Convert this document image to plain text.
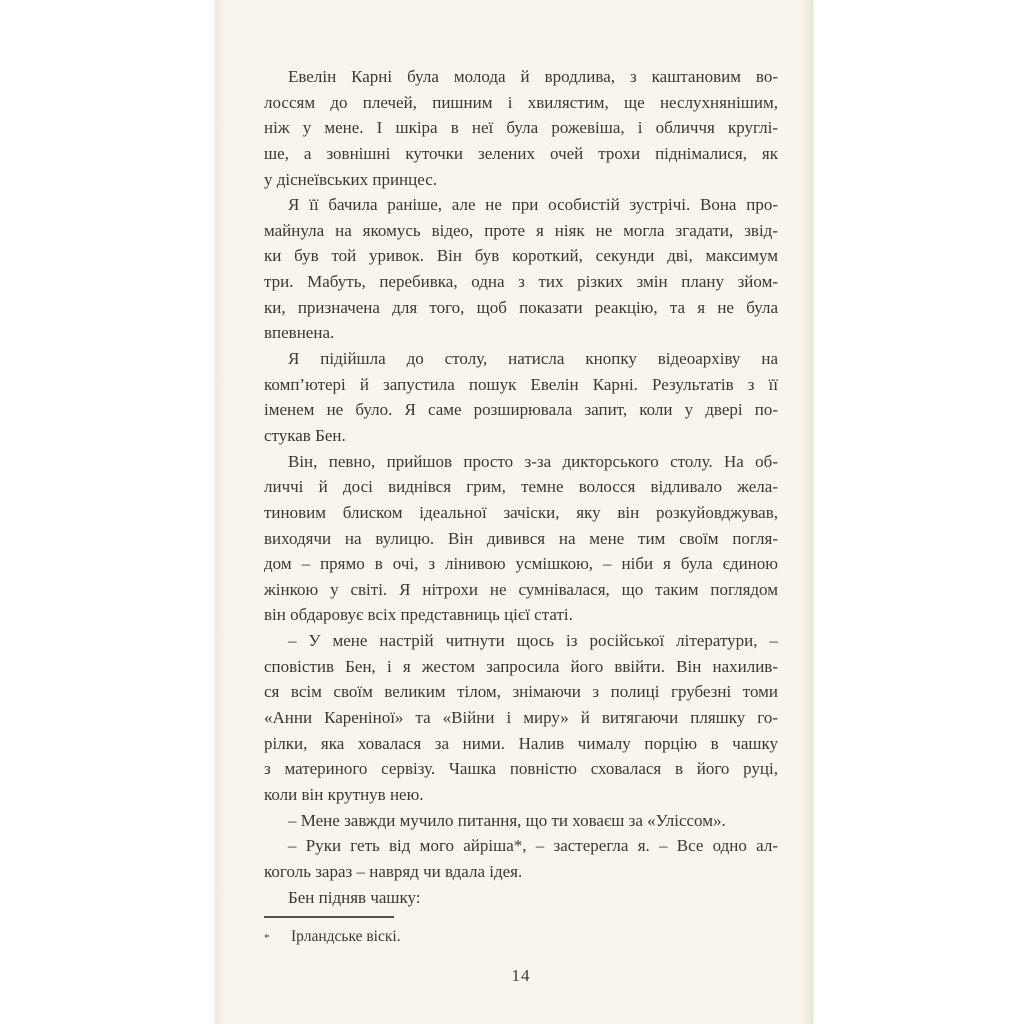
Евелін Карні була молода й вродлива, з каштановим во-
лоссям до плечей, пишним і хвилястим, ще неслухнянішим,
ніж у мене. І шкіра в неї була рожевіша, і обличчя круглі-
ше, а зовнішні куточки зелених очей трохи піднімалися, як
у діснеївських принцес.
Я її бачила раніше, але не при особистій зустрічі. Вона про-
майнула на якомусь відео, проте я ніяк не могла згадати, звід-
ки був той уривок. Він був короткий, секунди дві, максимум
три. Мабуть, перебивка, одна з тих різких змін плану зйом-
ки, призначена для того, щоб показати реакцію, та я не була
впевнена.
Я підійшла до столу, натисла кнопку відеоархіву на
комп’ютері й запустила пошук Евелін Карні. Результатів з її
іменем не було. Я саме розширювала запит, коли у двері по-
стукав Бен.
Він, певно, прийшов просто з-за дикторського столу. На об-
личчі й досі виднівся грим, темне волосся відливало жела-
тиновим блиском ідеальної зачіски, яку він розкуйовджував,
виходячи на вулицю. Він дивився на мене тим своїм погля-
дом – прямо в очі, з лінивою усмішкою, – ніби я була єдиною
жінкою у світі. Я нітрохи не сумнівалася, що таким поглядом
він обдаровує всіх представниць цієї статі.
– У мене настрій читнути щось із російської літератури, –
сповістив Бен, і я жестом запросила його ввійти. Він нахилив-
ся всім своїм великим тілом, знімаючи з полиці грубезні томи
«Анни Кареніної» та «Війни і миру» й витягаючи пляшку го-
рілки, яка ховалася за ними. Налив чималу порцію в чашку
з материного сервізу. Чашка повністю сховалася в його руці,
коли він крутнув нею.
– Мене завжди мучило питання, що ти ховаєш за «Уліссом».
– Руки геть від мого айріша*, – застерегла я. – Все одно ал-
коголь зараз – навряд чи вдала ідея.
Бен підняв чашку:
* Ірландське віскі.
14
